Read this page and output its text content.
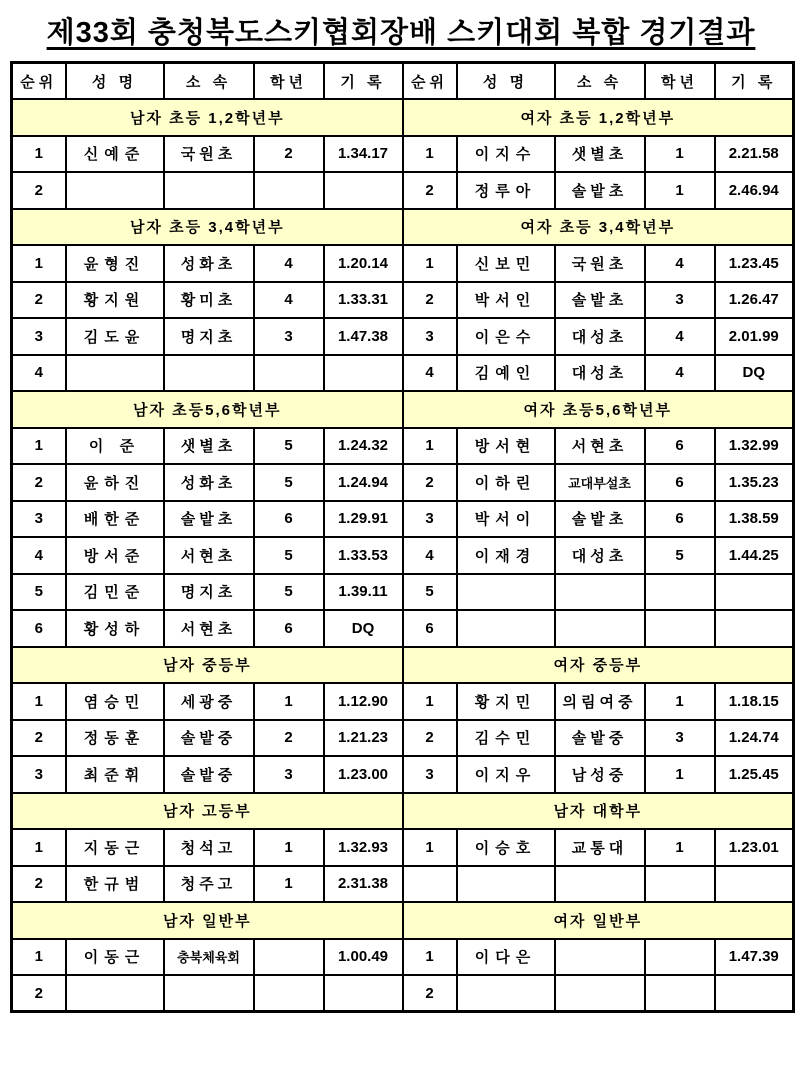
제33회 충청북도스키협회장배 스키대회 복합 경기결과
순위	성 명	소 속	학년	기 록	순위	성 명	소 속	학년	기 록
남자 초등 1,2학년부					여자 초등 1,2학년부				
1	신예준	국원초	2	1.34.17	1	이지수	샛별초	1	2.21.58
2					2	정루아	솔밭초	1	2.46.94
남자 초등 3,4학년부					여자 초등 3,4학년부				
1	윤형진	성화초	4	1.20.14	1	신보민	국원초	4	1.23.45
2	황지원	황미초	4	1.33.31	2	박서인	솔밭초	3	1.26.47
3	김도윤	명지초	3	1.47.38	3	이은수	대성초	4	2.01.99
4					4	김예인	대성초	4	DQ
남자 초등5,6학년부					여자 초등5,6학년부				
1	이 준	샛별초	5	1.24.32	1	방서현	서현초	6	1.32.99
2	윤하진	성화초	5	1.24.94	2	이하린	교대부설초	6	1.35.23
3	배한준	솔밭초	6	1.29.91	3	박서이	솔밭초	6	1.38.59
4	방서준	서현초	5	1.33.53	4	이재경	대성초	5	1.44.25
5	김민준	명지초	5	1.39.11	5				
6	황성하	서현초	6	DQ	6				
남자 중등부					여자 중등부				
1	염승민	세광중	1	1.12.90	1	황지민	의림여중	1	1.18.15
2	정동훈	솔밭중	2	1.21.23	2	김수민	솔밭중	3	1.24.74
3	최준휘	솔밭중	3	1.23.00	3	이지우	남성중	1	1.25.45
남자 고등부					남자 대학부				
1	지동근	청석고	1	1.32.93	1	이승호	교통대	1	1.23.01
2	한규범	청주고	1	2.31.38					
남자 일반부					여자 일반부				
1	이동근	충북체육회		1.00.49	1	이다은			1.47.39
2					2				
